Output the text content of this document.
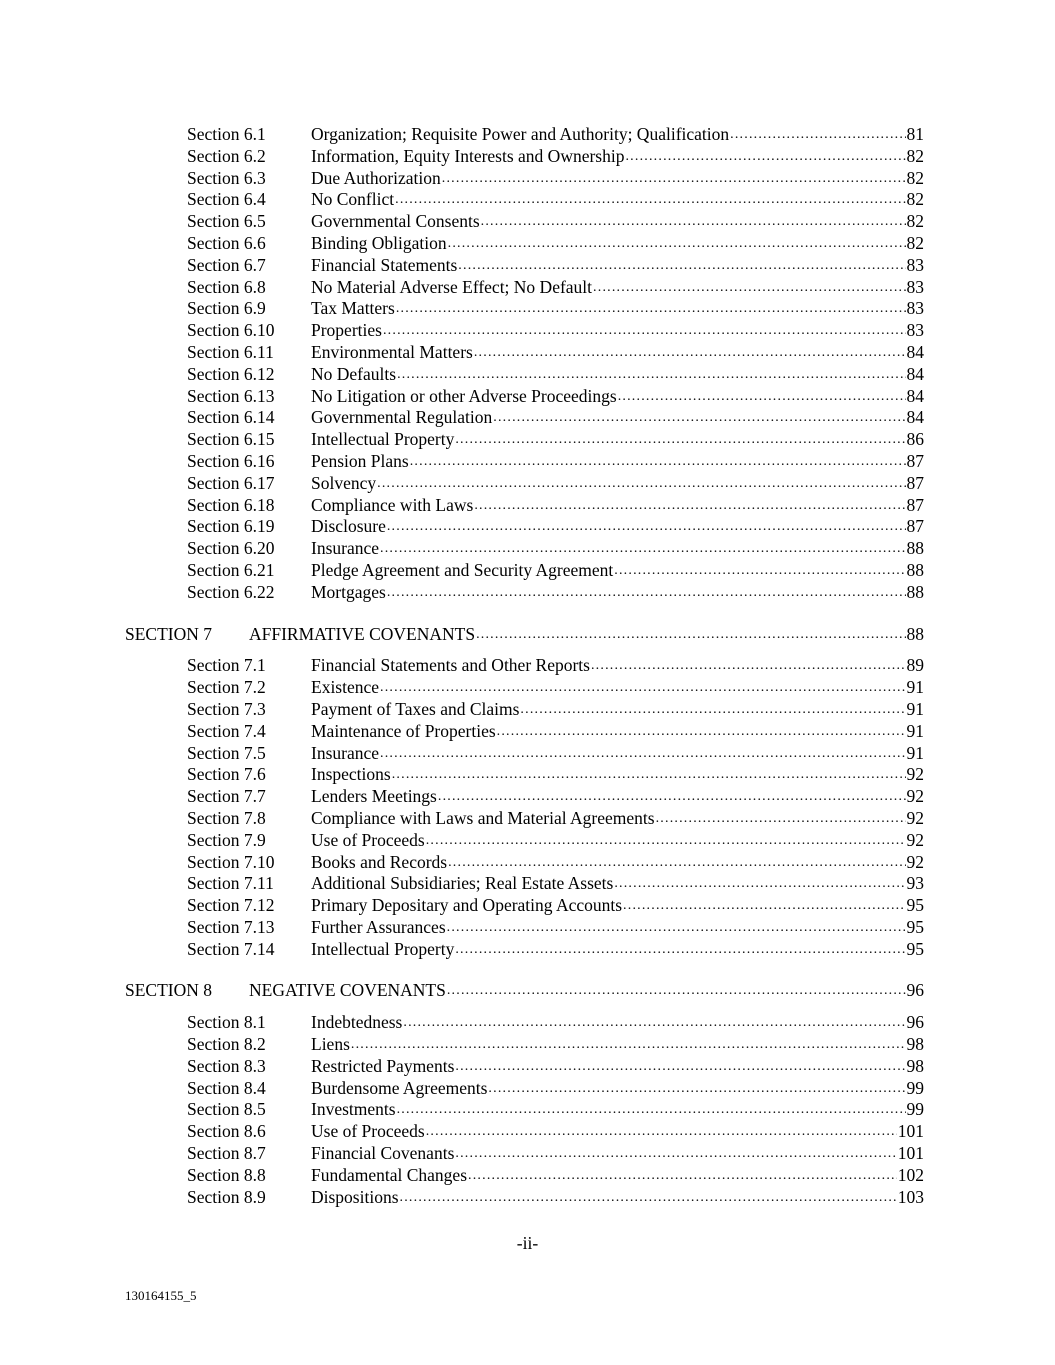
Section 6.1	Organization; Requisite Power and Authority; Qualification .....	81
Section 6.2	Information, Equity Interests and Ownership .....	82
Section 6.3	Due Authorization .....	82
Section 6.4	No Conflict .....	82
Section 6.5	Governmental Consents .....	82
Section 6.6	Binding Obligation .....	82
Section 6.7	Financial Statements .....	83
Section 6.8	No Material Adverse Effect; No Default .....	83
Section 6.9	Tax Matters .....	83
Section 6.10 Properties .....	83
Section 6.11 Environmental Matters .....	84
Section 6.12 No Defaults .....	84
Section 6.13 No Litigation or other Adverse Proceedings .....	84
Section 6.14 Governmental Regulation .....	84
Section 6.15 Intellectual Property .....	86
Section 6.16 Pension Plans .....	87
Section 6.17 Solvency .....	87
Section 6.18 Compliance with Laws .....	87
Section 6.19 Disclosure .....	87
Section 6.20 Insurance .....	88
Section 6.21 Pledge Agreement and Security Agreement .....	88
Section 6.22 Mortgages .....	88
SECTION 7 AFFIRMATIVE COVENANTS .....	88
Section 7.1	Financial Statements and Other Reports .....	89
Section 7.2	Existence .....	91
Section 7.3	Payment of Taxes and Claims .....	91
Section 7.4	Maintenance of Properties .....	91
Section 7.5	Insurance .....	91
Section 7.6	Inspections .....	92
Section 7.7	Lenders Meetings .....	92
Section 7.8	Compliance with Laws and Material Agreements .....	92
Section 7.9	Use of Proceeds .....	92
Section 7.10 Books and Records .....	92
Section 7.11 Additional Subsidiaries; Real Estate Assets .....	93
Section 7.12 Primary Depositary and Operating Accounts .....	95
Section 7.13 Further Assurances .....	95
Section 7.14 Intellectual Property .....	95
SECTION 8 NEGATIVE COVENANTS .....	96
Section 8.1	Indebtedness .....	96
Section 8.2	Liens .....	98
Section 8.3	Restricted Payments .....	98
Section 8.4	Burdensome Agreements .....	99
Section 8.5	Investments .....	99
Section 8.6	Use of Proceeds .....	101
Section 8.7	Financial Covenants .....	101
Section 8.8	Fundamental Changes .....	102
Section 8.9	Dispositions .....	103
-ii-
130164155_5
